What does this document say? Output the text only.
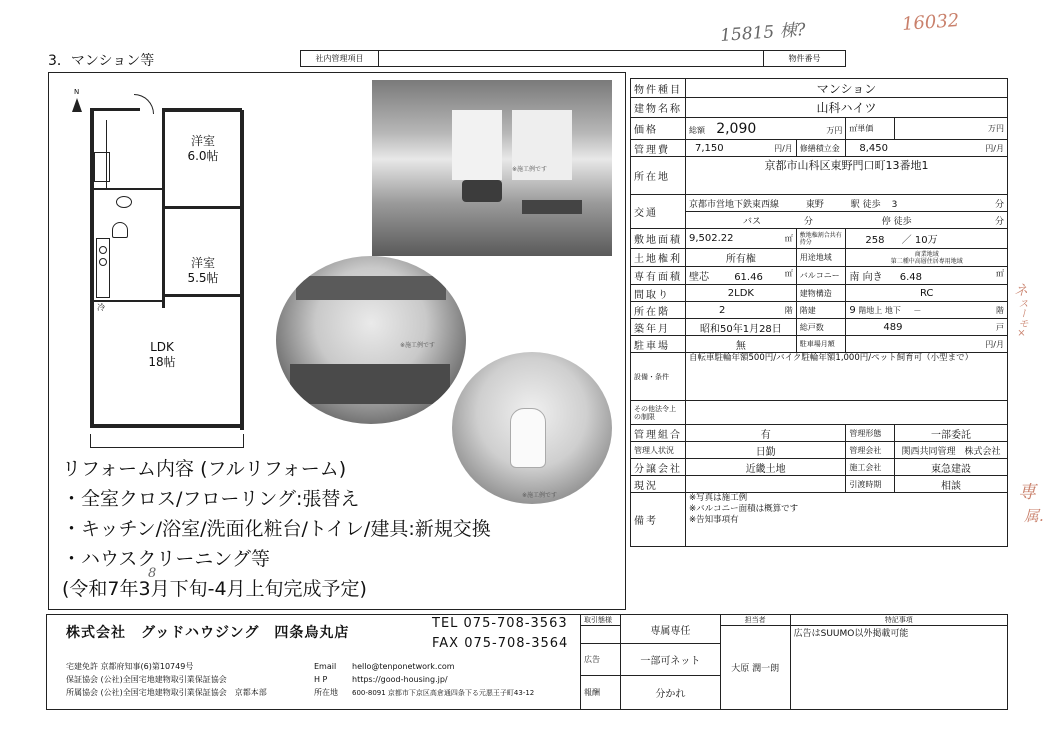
15815 棟?	16032
ネ
スーモ×
専
属.
3．マンション等	社内管理項目	物件番号
N
冷
洋室
6.0帖
洋室
5.5帖
LDK
18帖
※施工例です
※施工例です
※施工例です
リフォーム内容 (フルリフォーム)
・全室クロス/フローリング:張替え
・キッチン/浴室/洗面化粧台/トイレ/建具:新規交換
・ハウスクリーニング等
(令和7年3月下旬-4月上旬完成予定)
8
物件種目	マンション			
建物名称	山科ハイツ			
価格	総額 2,090 万円		㎡単価	万円
管理費	7,150 円/月	修繕積立金	8,450 円/月	

所在地	京都市山科区東野門口町13番地1			
交通	京都市営地下鉄東西線 東野 駅 徒歩 3 分			

	バス 分 停 徒歩 分			

敷地面積	9,502.22 ㎡	敷地権割合共有持分	258 ／ 10万	
土地権利	所有権	用途地域	商業地域
第二種中高層住居専用地域	

専有面積	壁芯 61.46 ㎡	バルコニー	南 向き 6.48 ㎡	

間取り	2LDK	建物構造	RC	
所在階	2 階	階建	9 階地上 地下 － 階	

築年月	昭和50年1月28日	総戸数	489 戸	

駐車場	無	駐車場月額	円/月	
設備・条件	自転車駐輪年額500円/バイク駐輪年額1,000円/ペット飼育可（小型まで）			
その他法令上の制限				
管理組合	有		管理形態	一部委託
管理人状況	日勤		管理会社	関西共同管理　株式会社
分譲会社	近畿土地		施工会社	東急建設
現況			引渡時期	相談
備考	※写真は施工例
※バルコニー面積は概算です
※告知事項有			
株式会社　グッドハウジング　四条烏丸店
TEL 075-708-3563
FAX 075-708-3564
宅建免許 京都府知事(6)第10749号
保証協会 (公社)全国宅地建物取引業保証協会
所属協会 (公社)全国宅地建物取引業保証協会　京都本部
Email hello@tenponetwork.com
H P	https://good-housing.jp/
所在地 600-8091 京都市下京区高倉通四条下る元悪王子町43-12
取引態様	専属専任	担当者	特記事項
		大原 潤一朗	広告はSUUMO以外掲載可能
広告	一部可ネット		
報酬	分かれ		
